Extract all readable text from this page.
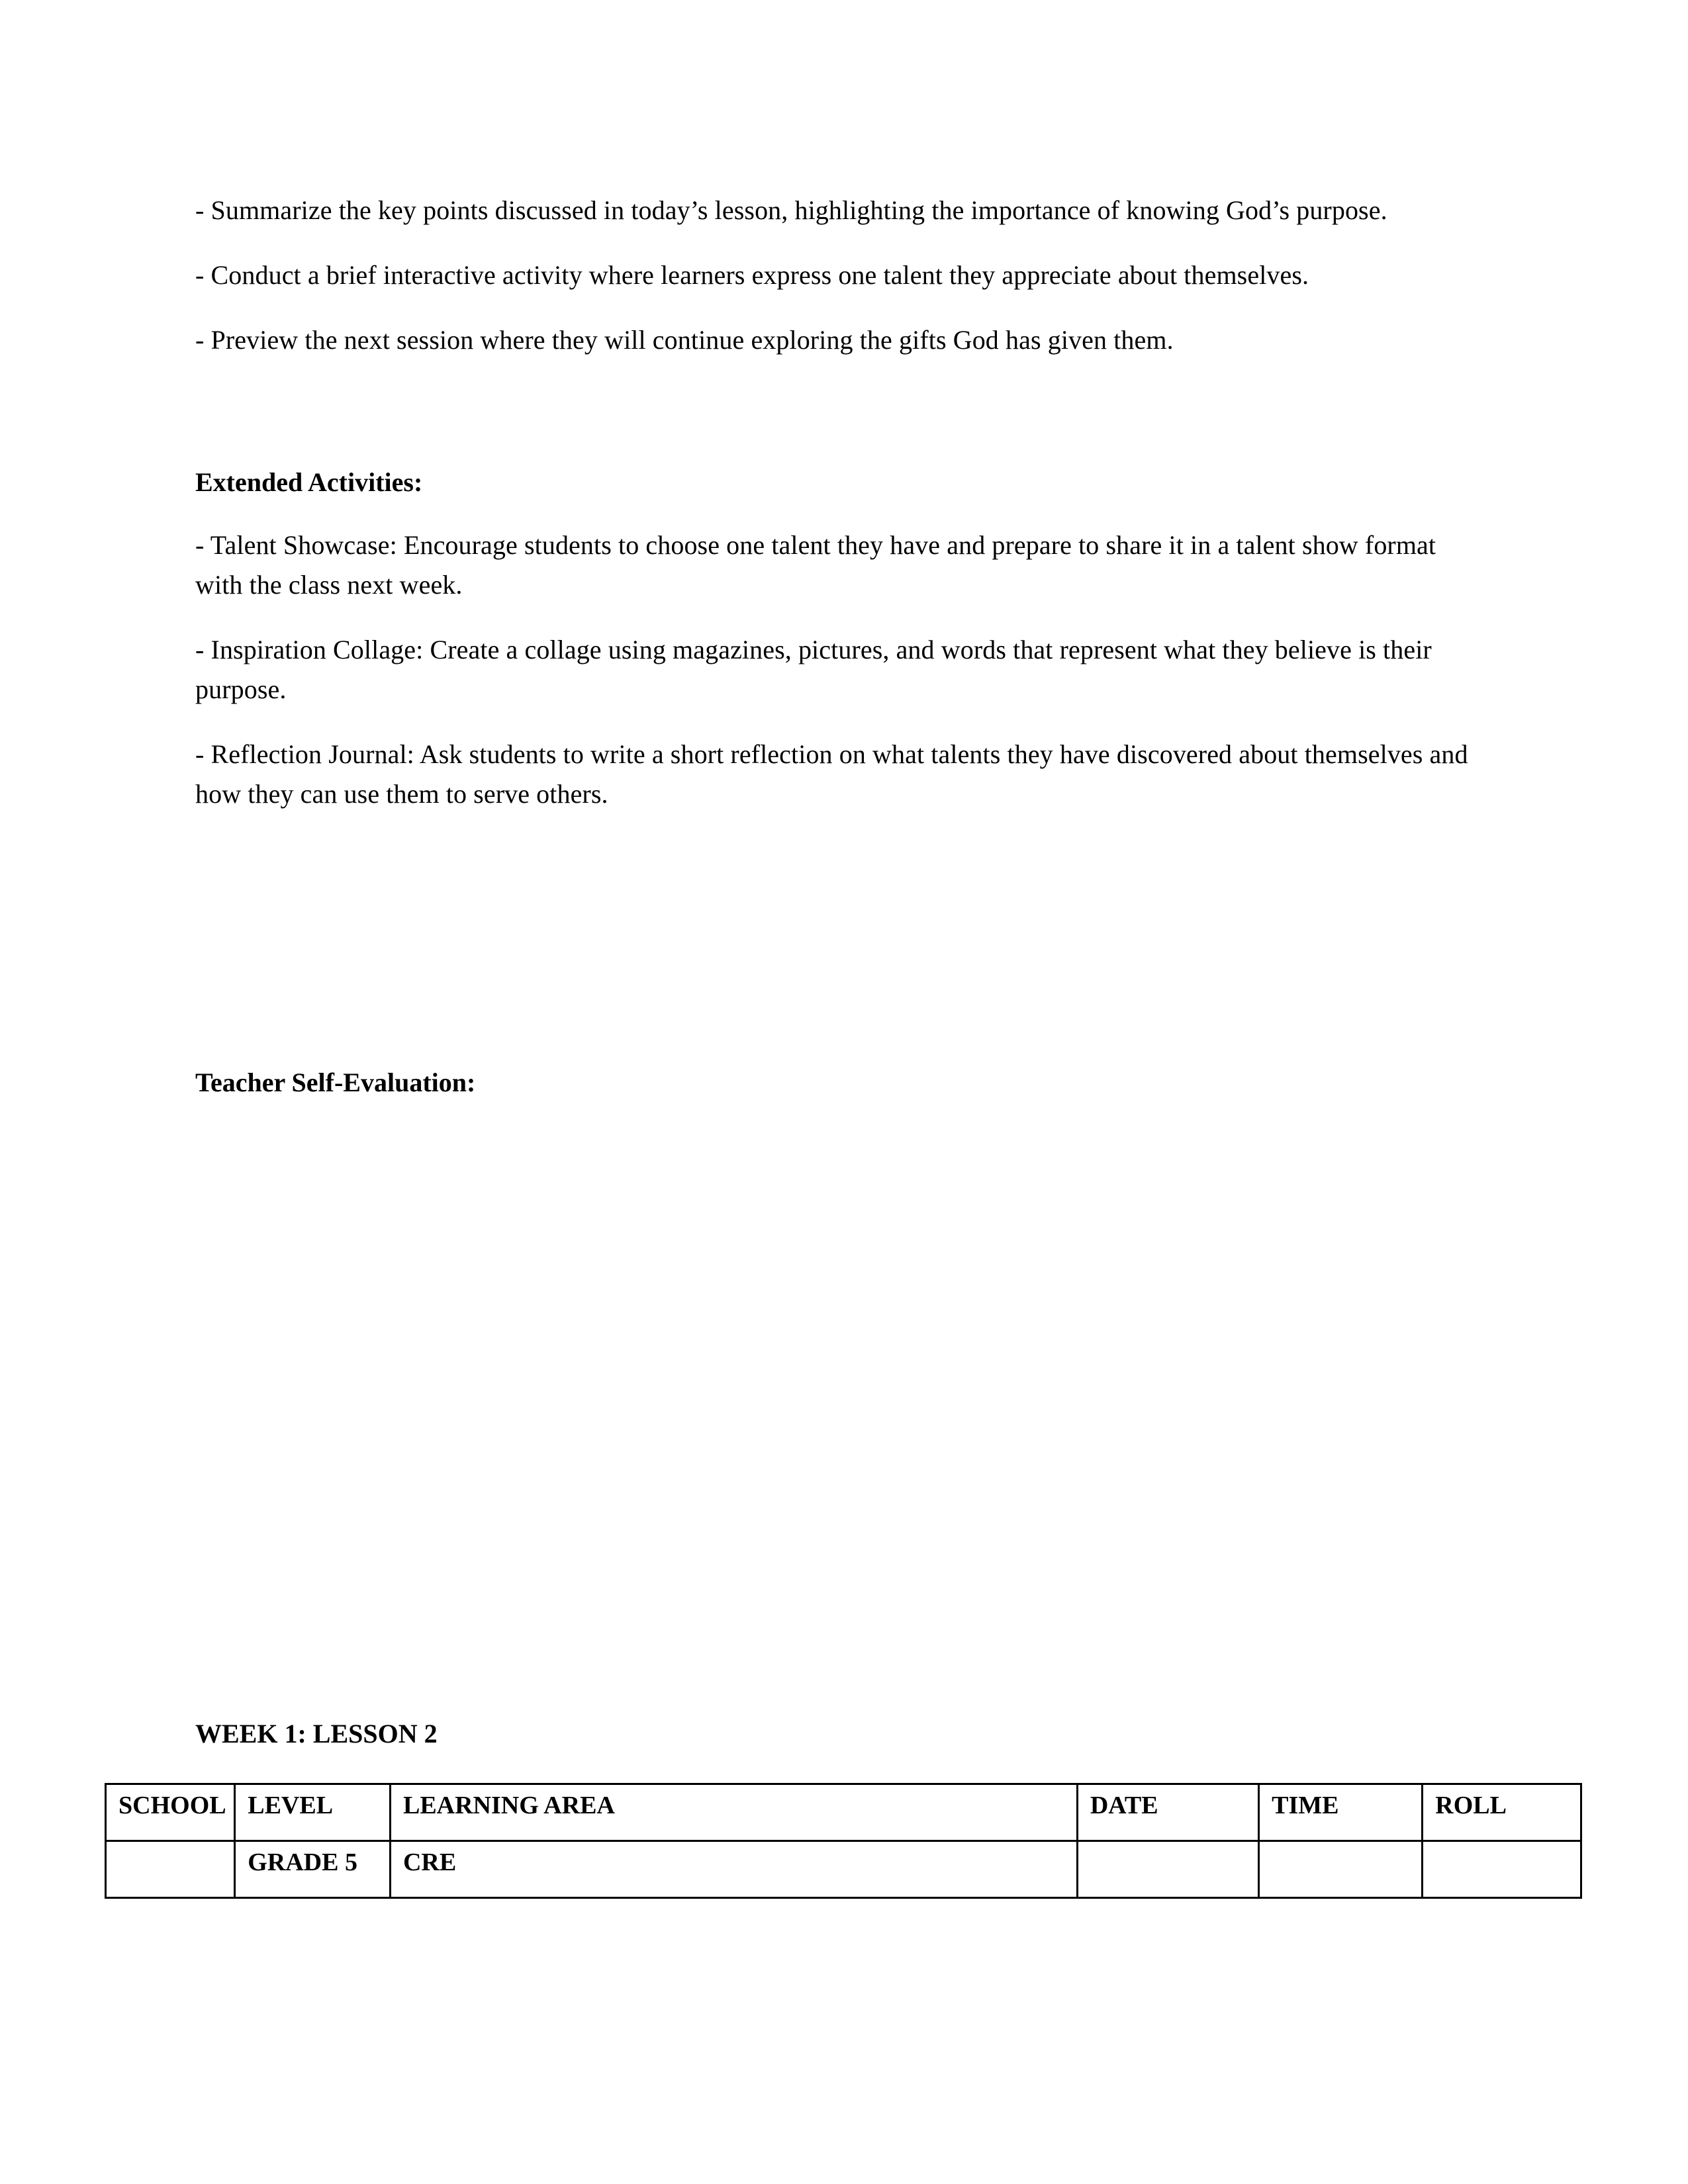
- Summarize the key points discussed in today’s lesson, highlighting the importance of knowing God’s purpose.

- Conduct a brief interactive activity where learners express one talent they appreciate about themselves.

- Preview the next session where they will continue exploring the gifts God has given them.

Extended Activities:

- Talent Showcase: Encourage students to choose one talent they have and prepare to share it in a talent show format with the class next week.

- Inspiration Collage: Create a collage using magazines, pictures, and words that represent what they believe is their purpose.

- Reflection Journal: Ask students to write a short reflection on what talents they have discovered about themselves and how they can use them to serve others.

Teacher Self-Evaluation:
WEEK 1: LESSON 2
SCHOOL	LEVEL	LEARNING AREA	DATE	TIME	ROLL
	GRADE 5	CRE			
